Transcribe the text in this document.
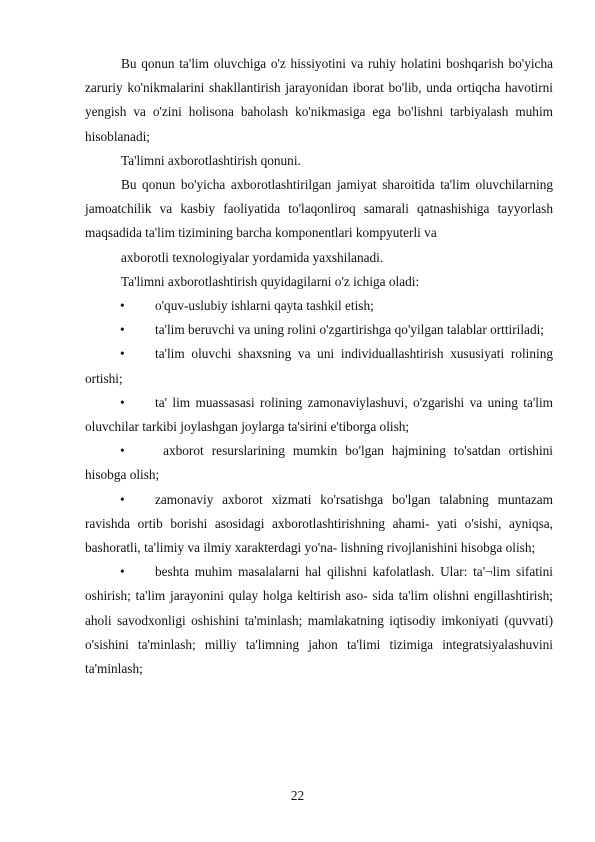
Bu qonun ta'lim oluvchiga o'z hissiyotini va ruhiy holatini boshqarish bo'yicha zaruriy ko'nikmalarini shakllantirish jarayonidan iborat bo'lib, unda ortiqcha havotirni yengish va o'zini holisona baholash ko'nikmasiga ega bo'lishni tarbiyalash muhim hisoblanadi;

Ta'limni axborotlashtirish qonuni.

Bu qonun bo'yicha axborotlashtirilgan jamiyat sharoitida ta'lim oluvchilarning jamoatchilik va kasbiy faoliyatida to'laqonliroq samarali qatnashishiga tayyorlash maqsadida ta'lim tizimining barcha komponentlari kompyuterli va

axborotli texnologiyalar yordamida yaxshilanadi.

Ta'limni axborotlashtirish quyidagilarni o'z ichiga oladi:

• o'quv-uslubiy ishlarni qayta tashkil etish;
• ta'lim beruvchi va uning rolini o'zgartirishga qo'yilgan talablar orttiriladi;
• ta'lim oluvchi shaxsning va uni individuallashtirish xususiyati rolining ortishi;
• ta' lim muassasasi rolining zamonaviylashuvi, o'zgarishi va uning ta'lim oluvchilar tarkibi joylashgan joylarga ta'sirini e'tiborga olish;
• axborot resurslarining mumkin bo'lgan hajmining to'satdan ortishini hisobga olish;
• zamonaviy axborot xizmati ko'rsatishga bo'lgan talabning muntazam ravishda ortib borishi asosidagi axborotlashtirishning ahami- yati o'sishi, ayniqsa, bashoratli, ta'limiy va ilmiy xarakterdagi yo'na- lishning rivojlanishini hisobga olish;
• beshta muhim masalalarni hal qilishni kafolatlash. Ular: ta'¬lim sifatini oshirish; ta'lim jarayonini qulay holga keltirish aso- sida ta'lim olishni engillashtirish; aholi savodxonligi oshishini ta'minlash; mamlakatning iqtisodiy imkoniyati (quvvati) o'sishini ta'minlash; milliy ta'limning jahon ta'limi tizimiga integratsiyalashuvini ta'minlash;
22
